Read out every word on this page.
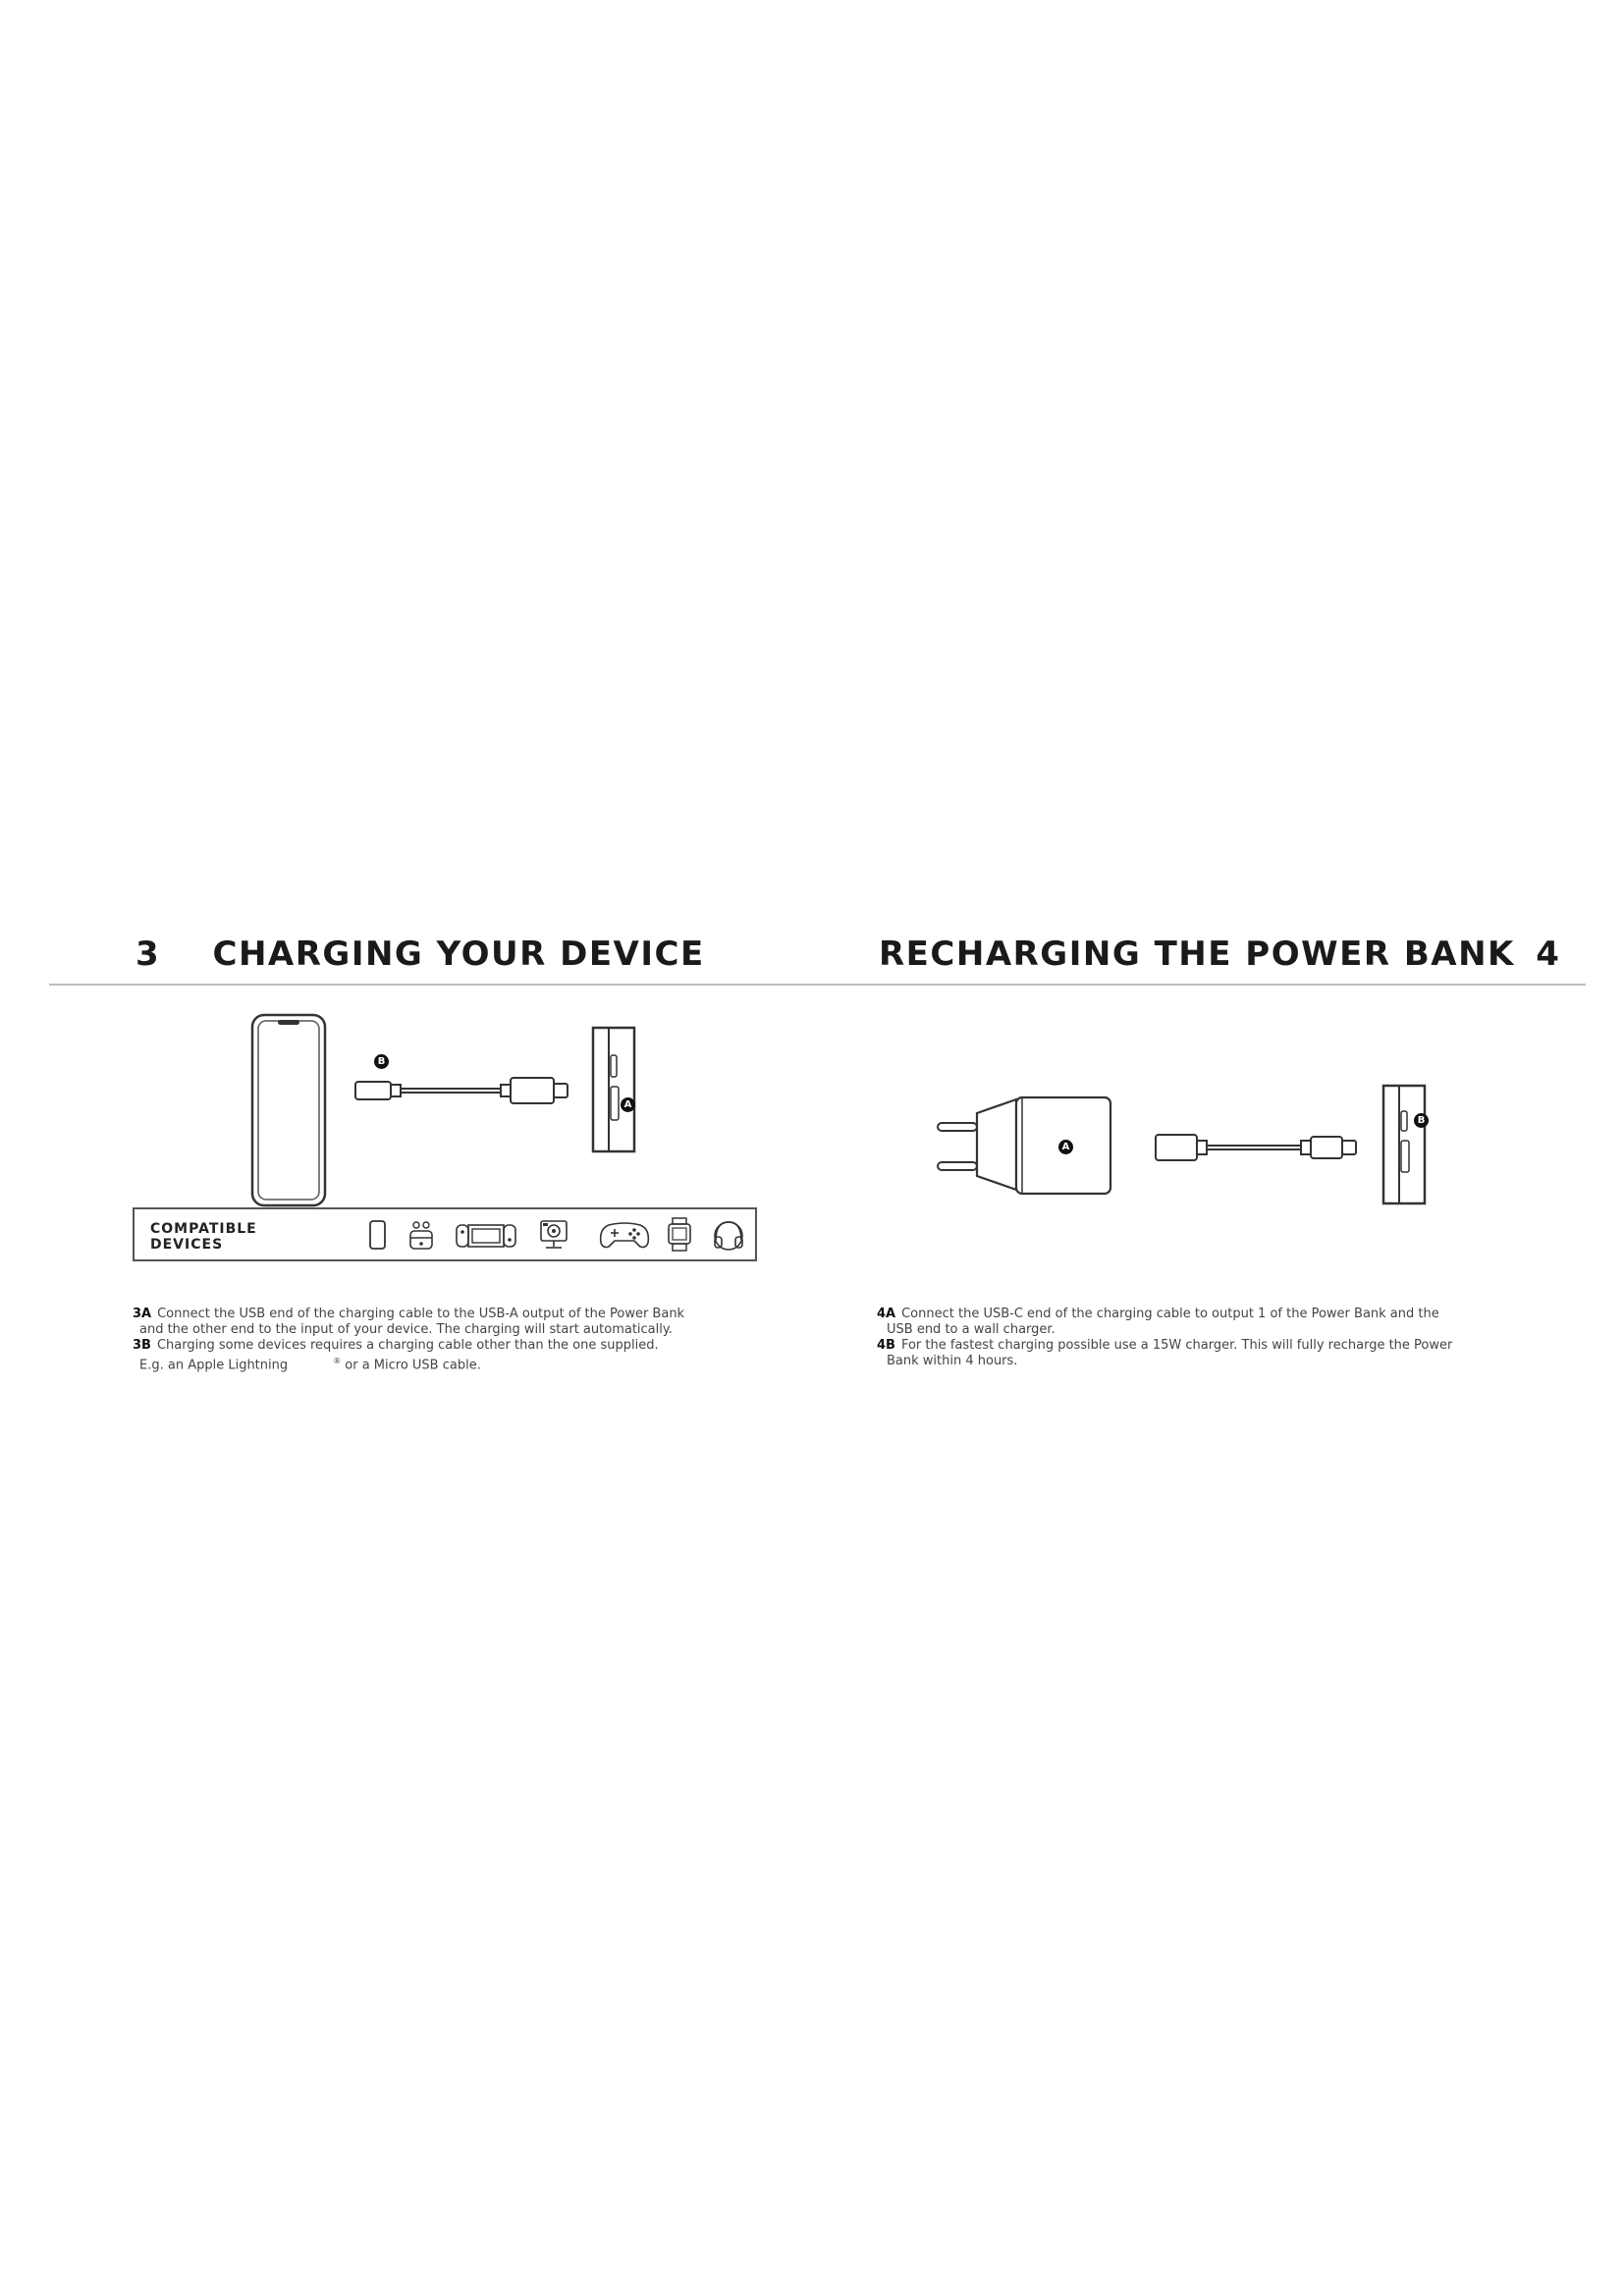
3 CHARGING YOUR DEVICE	RECHARGING THE POWER BANK 4
B
A
COMPATIBLE
DEVICES
3A Connect the USB end of the charging cable to the USB-A output of the Power Bank
and the other end to the input of your device. The charging will start automatically.
3B Charging some devices requires a charging cable other than the one supplied.
E.g. an Apple Lightning	® or a Micro USB cable.
A
B
4A Connect the USB-C end of the charging cable to output 1 of the Power Bank and the
USB end to a wall charger.
4B For the fastest charging possible use a 15W charger. This will fully recharge the Power
Bank within 4 hours.
